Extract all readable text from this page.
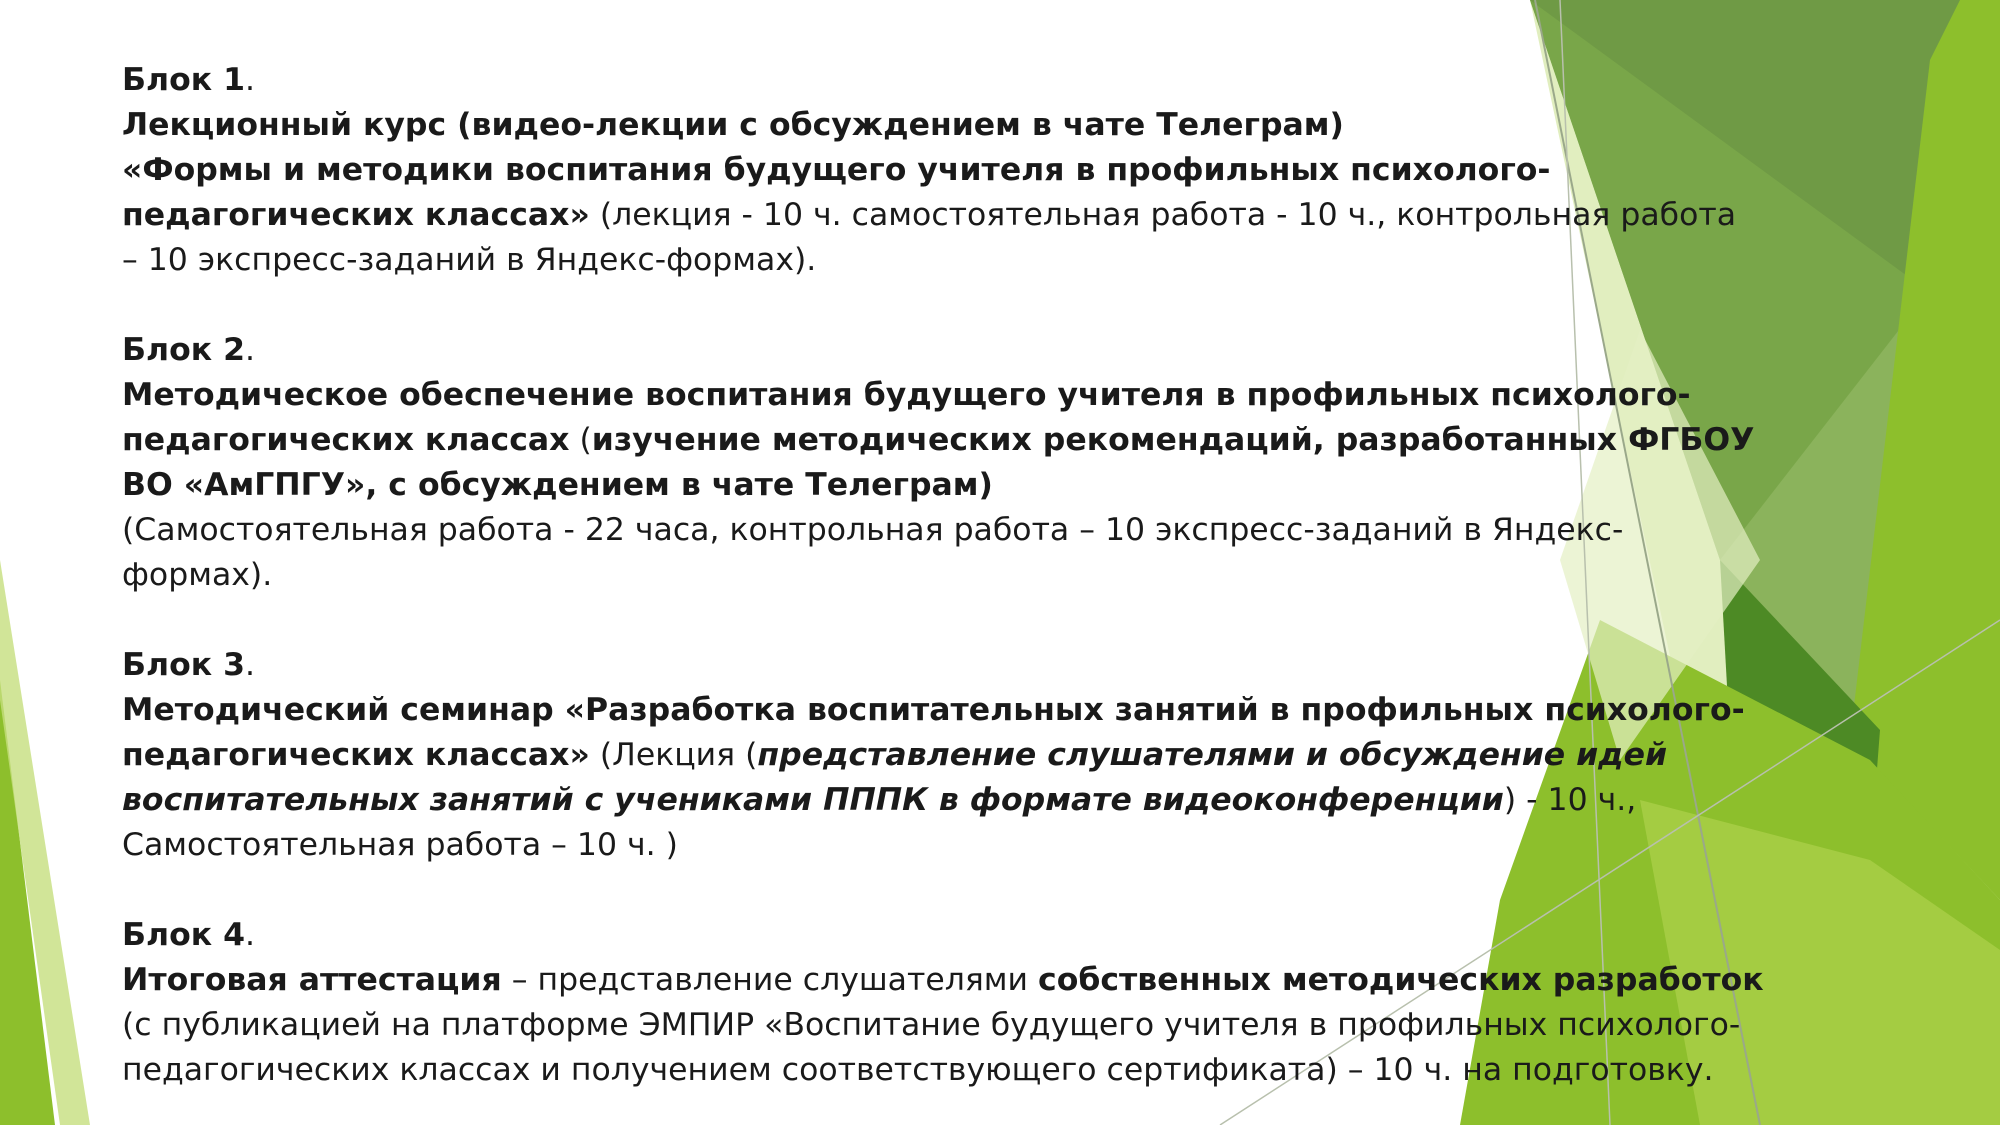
Блок 1.
Лекционный курс (видео-лекции с обсуждением в чате Телеграм)
«Формы и методики воспитания будущего учителя в профильных психолого-
педагогических классах» (лекция - 10 ч. самостоятельная работа - 10 ч., контрольная работа
– 10 экспресс-заданий в Яндекс-формах).
Блок 2.
Методическое обеспечение воспитания будущего учителя в профильных психолого-
педагогических классах (изучение методических рекомендаций, разработанных ФГБОУ
ВО «АмГПГУ», с обсуждением в чате Телеграм)
(Самостоятельная работа - 22 часа, контрольная работа – 10 экспресс-заданий в Яндекс-
формах).
Блок 3.
Методический семинар «Разработка воспитательных занятий в профильных психолого-
педагогических классах» (Лекция (представление слушателями и обсуждение идей
воспитательных занятий с учениками ПППК в формате видеоконференции) - 10 ч.,
Самостоятельная работа – 10 ч. )
Блок 4.
Итоговая аттестация – представление слушателями собственных методических разработок
(с публикацией на платформе ЭМПИР «Воспитание будущего учителя в профильных психолого-
педагогических классах и получением соответствующего сертификата) – 10 ч. на подготовку.
